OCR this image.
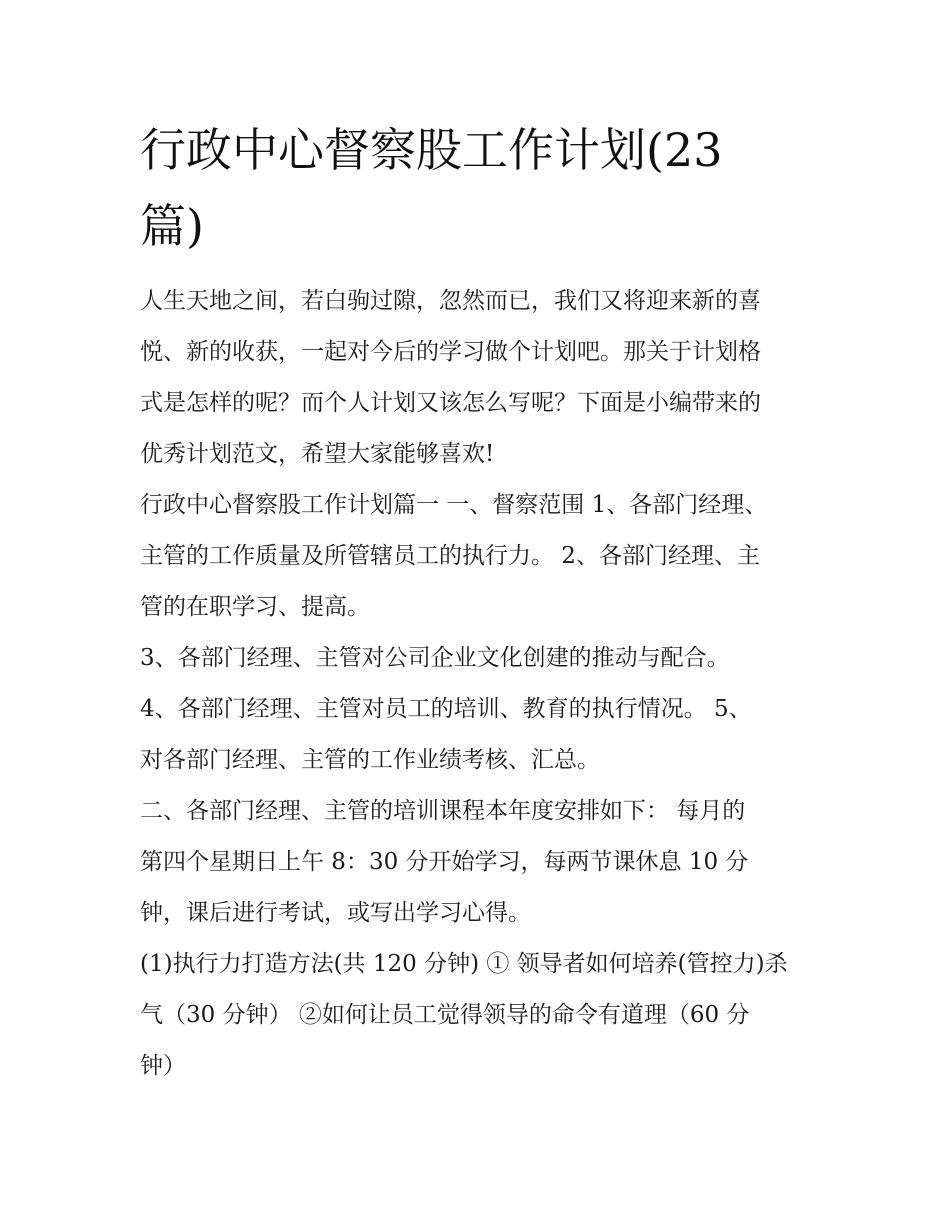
行政中心督察股工作计划(23
篇)
人生天地之间，若白驹过隙，忽然而已，我们又将迎来新的喜
悦、新的收获，一起对今后的学习做个计划吧。那关于计划格
式是怎样的呢？而个人计划又该怎么写呢？下面是小编带来的
优秀计划范文，希望大家能够喜欢!
行政中心督察股工作计划篇一 一、督察范围 1、各部门经理、
主管的工作质量及所管辖员工的执行力。 2、各部门经理、主
管的在职学习、提高。
3、各部门经理、主管对公司企业文化创建的推动与配合。
4、各部门经理、主管对员工的培训、教育的执行情况。 5、
对各部门经理、主管的工作业绩考核、汇总。
二、各部门经理、主管的培训课程本年度安排如下： 每月的
第四个星期日上午 8：30 分开始学习，每两节课休息 10 分
钟，课后进行考试，或写出学习心得。
(1)执行力打造方法(共 120 分钟) ① 领导者如何培养(管控力)杀
气（30 分钟） ②如何让员工觉得领导的命令有道理（60 分
钟）
